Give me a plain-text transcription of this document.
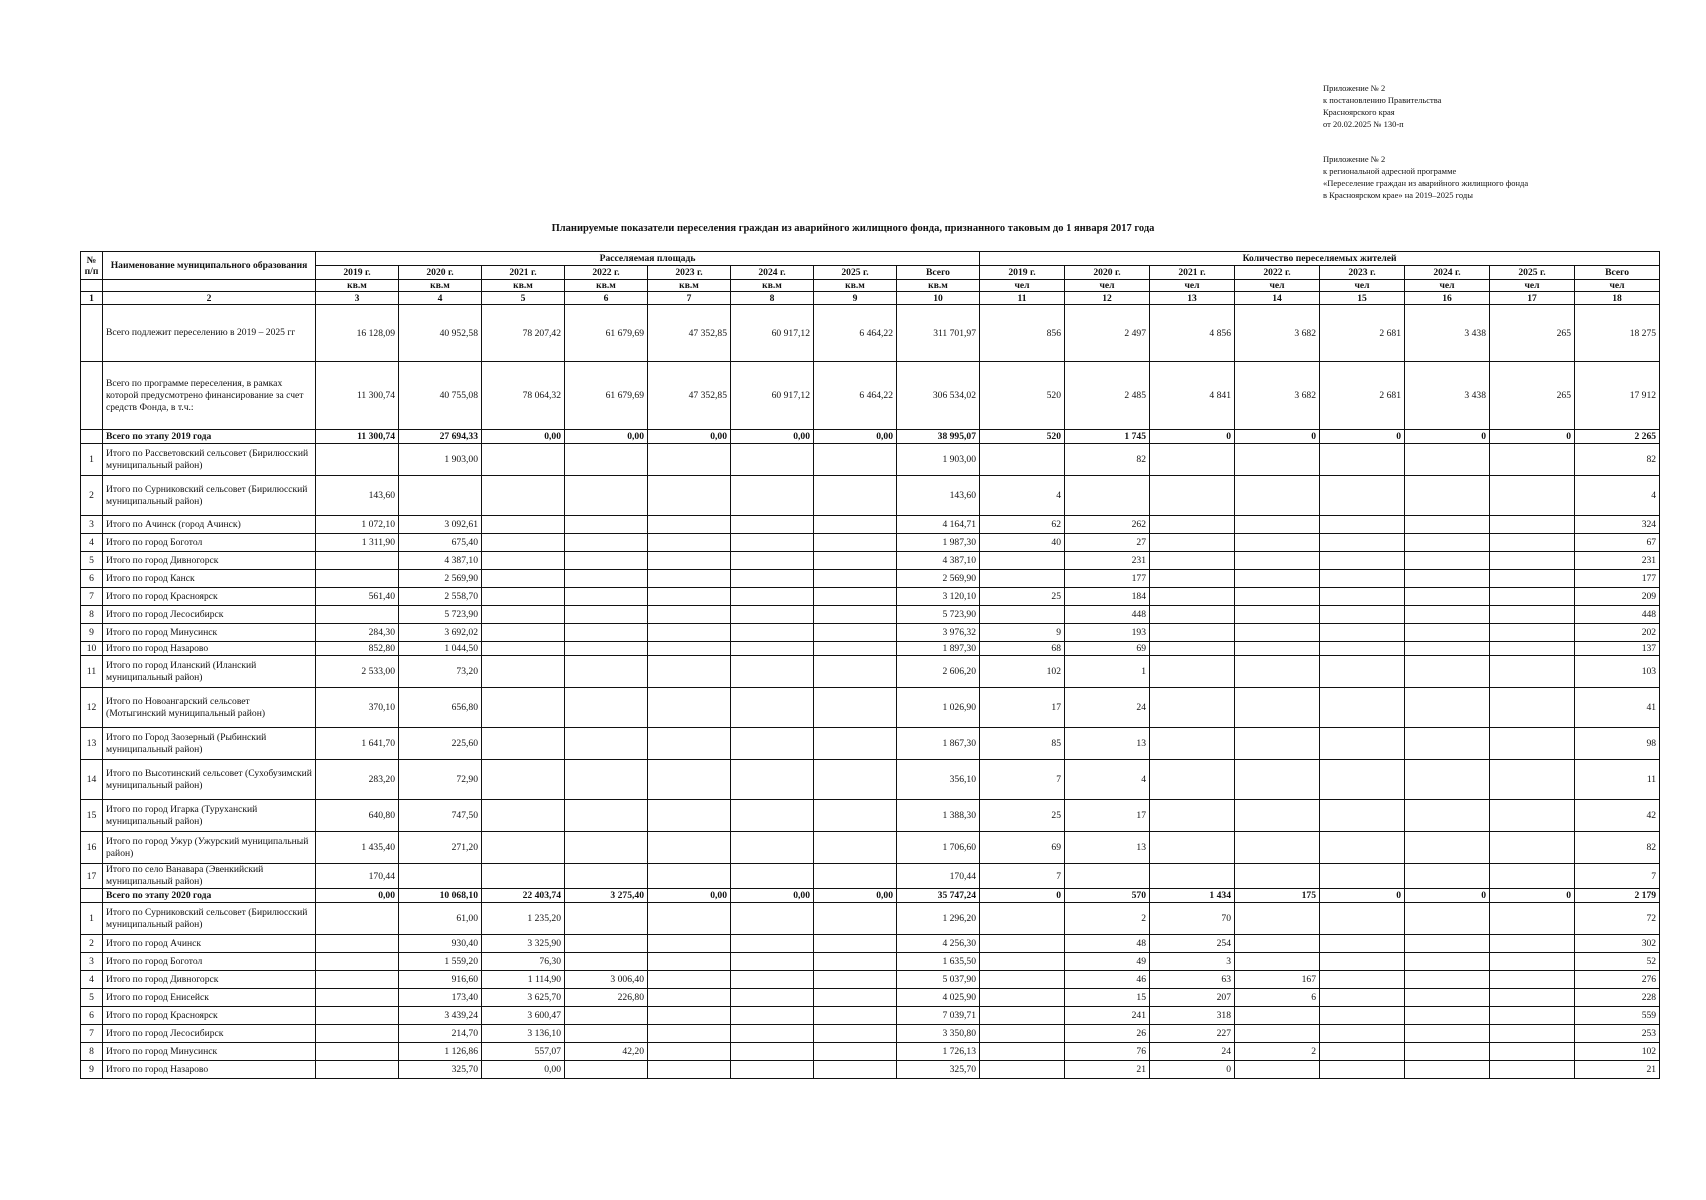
Приложение № 2
к постановлению Правительства
Красноярского края
от 20.02.2025 № 130-п
Приложение № 2
к региональной адресной программе
«Переселение граждан из аварийного жилищного фонда
в Красноярском крае» на 2019–2025 годы
Планируемые показатели переселения граждан из аварийного жилищного фонда, признанного таковым до 1 января 2017 года
№ п/п	Наименование муниципального образования	Расселяемая площадь								Количество переселяемых жителей							
		2019 г.	2020 г.	2021 г.	2022 г.	2023 г.	2024 г.	2025 г.	Всего	2019 г.	2020 г.	2021 г.	2022 г.	2023 г.	2024 г.	2025 г.	Всего
		кв.м	кв.м	кв.м	кв.м	кв.м	кв.м	кв.м	кв.м	чел	чел	чел	чел	чел	чел	чел	чел
1	2	3	4	5	6	7	8	9	10	11	12	13	14	15	16	17	18
	Всего подлежит переселению в 2019 – 2025 гг	16 128,09	40 952,58	78 207,42	61 679,69	47 352,85	60 917,12	6 464,22	311 701,97	856	2 497	4 856	3 682	2 681	3 438	265	18 275
	Всего по программе переселения, в рамках которой предусмотрено финансирование за счет средств Фонда, в т.ч.:	11 300,74	40 755,08	78 064,32	61 679,69	47 352,85	60 917,12	6 464,22	306 534,02	520	2 485	4 841	3 682	2 681	3 438	265	17 912
	Всего по этапу 2019 года	11 300,74	27 694,33	0,00	0,00	0,00	0,00	0,00	38 995,07	520	1 745	0	0	0	0	0	2 265
1	Итого по Рассветовский сельсовет (Бирилюсский муниципальный район)		1 903,00						1 903,00		82						82
2	Итого по Сурниковский сельсовет (Бирилюсский муниципальный район)	143,60							143,60	4							4
3	Итого по Ачинск (город Ачинск)	1 072,10	3 092,61						4 164,71	62	262						324
4	Итого по город Боготол	1 311,90	675,40						1 987,30	40	27						67
5	Итого по город Дивногорск		4 387,10						4 387,10		231						231
6	Итого по город Канск		2 569,90						2 569,90		177						177
7	Итого по город Красноярск	561,40	2 558,70						3 120,10	25	184						209
8	Итого по город Лесосибирск		5 723,90						5 723,90		448						448
9	Итого по город Минусинск	284,30	3 692,02						3 976,32	9	193						202
10	Итого по город Назарово	852,80	1 044,50						1 897,30	68	69						137
11	Итого по город Иланский (Иланский муниципальный район)	2 533,00	73,20						2 606,20	102	1						103
12	Итого по Новоангарский сельсовет (Мотыгинский муниципальный район)	370,10	656,80						1 026,90	17	24						41
13	Итого по Город Заозерный (Рыбинский муниципальный район)	1 641,70	225,60						1 867,30	85	13						98
14	Итого по Высотинский сельсовет (Сухобузимский муниципальный район)	283,20	72,90						356,10	7	4						11
15	Итого по город Игарка (Туруханский муниципальный район)	640,80	747,50						1 388,30	25	17						42
16	Итого по город Ужур (Ужурский муниципальный район)	1 435,40	271,20						1 706,60	69	13						82
17	Итого по село Ванавара (Эвенкийский муниципальный район)	170,44							170,44	7							7
	Всего по этапу 2020 года	0,00	10 068,10	22 403,74	3 275,40	0,00	0,00	0,00	35 747,24	0	570	1 434	175	0	0	0	2 179
1	Итого по Сурниковский сельсовет (Бирилюсский муниципальный район)		61,00	1 235,20					1 296,20		2	70					72
2	Итого по город Ачинск		930,40	3 325,90					4 256,30		48	254					302
3	Итого по город Боготол		1 559,20	76,30					1 635,50		49	3					52
4	Итого по город Дивногорск		916,60	1 114,90	3 006,40				5 037,90		46	63	167				276
5	Итого по город Енисейск		173,40	3 625,70	226,80				4 025,90		15	207	6				228
6	Итого по город Красноярск		3 439,24	3 600,47					7 039,71		241	318					559
7	Итого по город Лесосибирск		214,70	3 136,10					3 350,80		26	227					253
8	Итого по город Минусинск		1 126,86	557,07	42,20				1 726,13		76	24	2				102
9	Итого по город Назарово		325,70	0,00					325,70		21	0					21
